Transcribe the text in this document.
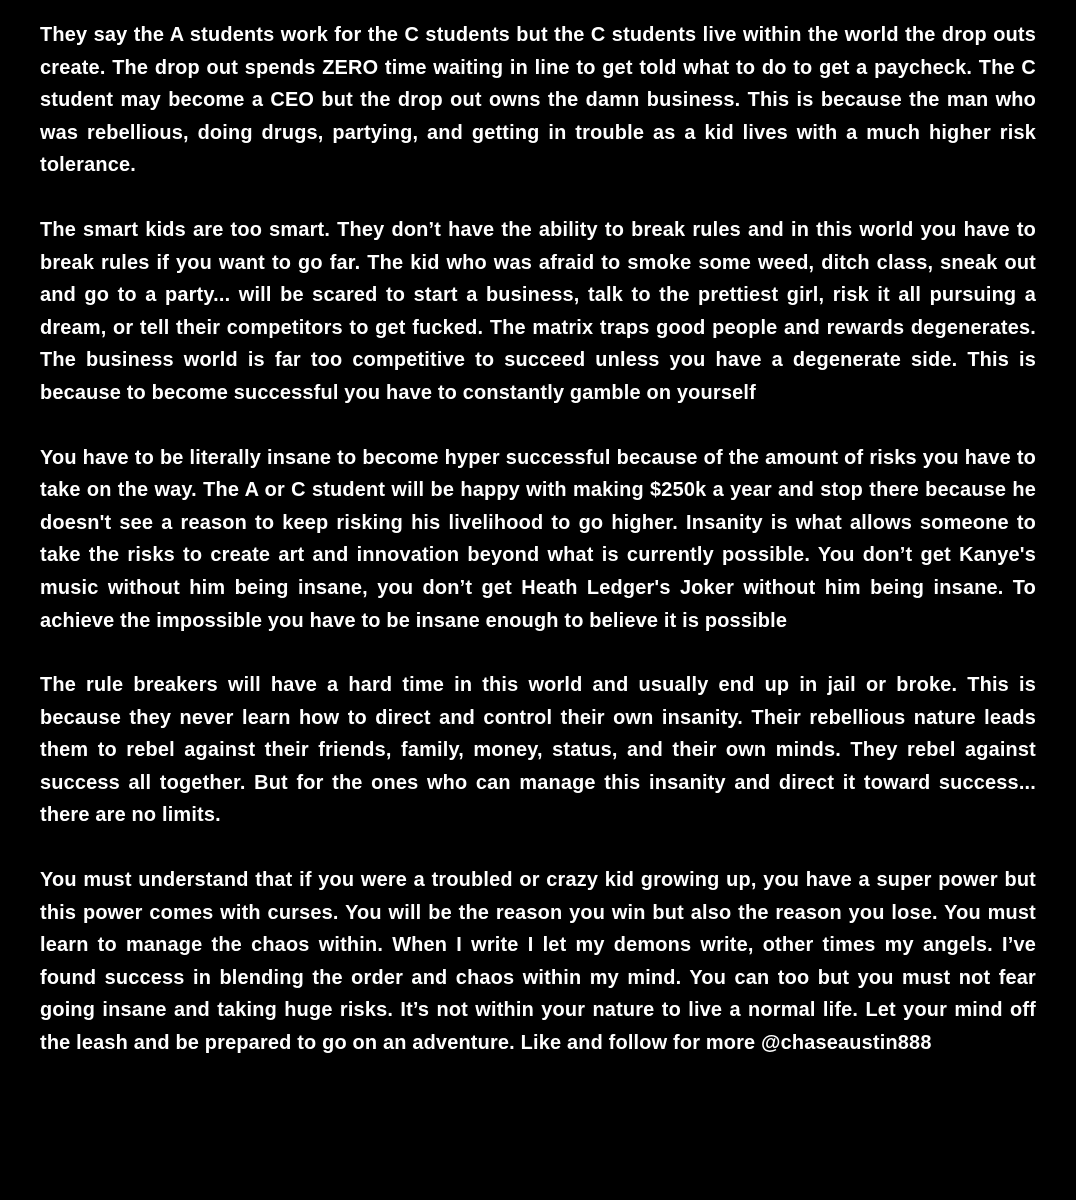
They say the A students work for the C students but the C students live within the world the drop outs create. The drop out spends ZERO time waiting in line to get told what to do to get a paycheck. The C student may become a CEO but the drop out owns the damn business. This is because the man who was rebellious, doing drugs, partying, and getting in trouble as a kid lives with a much higher risk tolerance.

The smart kids are too smart. They don’t have the ability to break rules and in this world you have to break rules if you want to go far. The kid who was afraid to smoke some weed, ditch class, sneak out and go to a party... will be scared to start a business, talk to the prettiest girl, risk it all pursuing a dream, or tell their competitors to get fucked. The matrix traps good people and rewards degenerates. The business world is far too competitive to succeed unless you have a degenerate side. This is because to become successful you have to constantly gamble on yourself

You have to be literally insane to become hyper successful because of the amount of risks you have to take on the way. The A or C student will be happy with making $250k a year and stop there because he doesn't see a reason to keep risking his livelihood to go higher. Insanity is what allows someone to take the risks to create art and innovation beyond what is currently possible. You don’t get Kanye's music without him being insane, you don’t get Heath Ledger's Joker without him being insane. To achieve the impossible you have to be insane enough to believe it is possible

The rule breakers will have a hard time in this world and usually end up in jail or broke. This is because they never learn how to direct and control their own insanity. Their rebellious nature leads them to rebel against their friends, family, money, status, and their own minds. They rebel against success all together. But for the ones who can manage this insanity and direct it toward success... there are no limits.

You must understand that if you were a troubled or crazy kid growing up, you have a super power but this power comes with curses. You will be the reason you win but also the reason you lose. You must learn to manage the chaos within. When I write I let my demons write, other times my angels. I’ve found success in blending the order and chaos within my mind. You can too but you must not fear going insane and taking huge risks. It’s not within your nature to live a normal life. Let your mind off the leash and be prepared to go on an adventure. Like and follow for more @chaseaustin888
